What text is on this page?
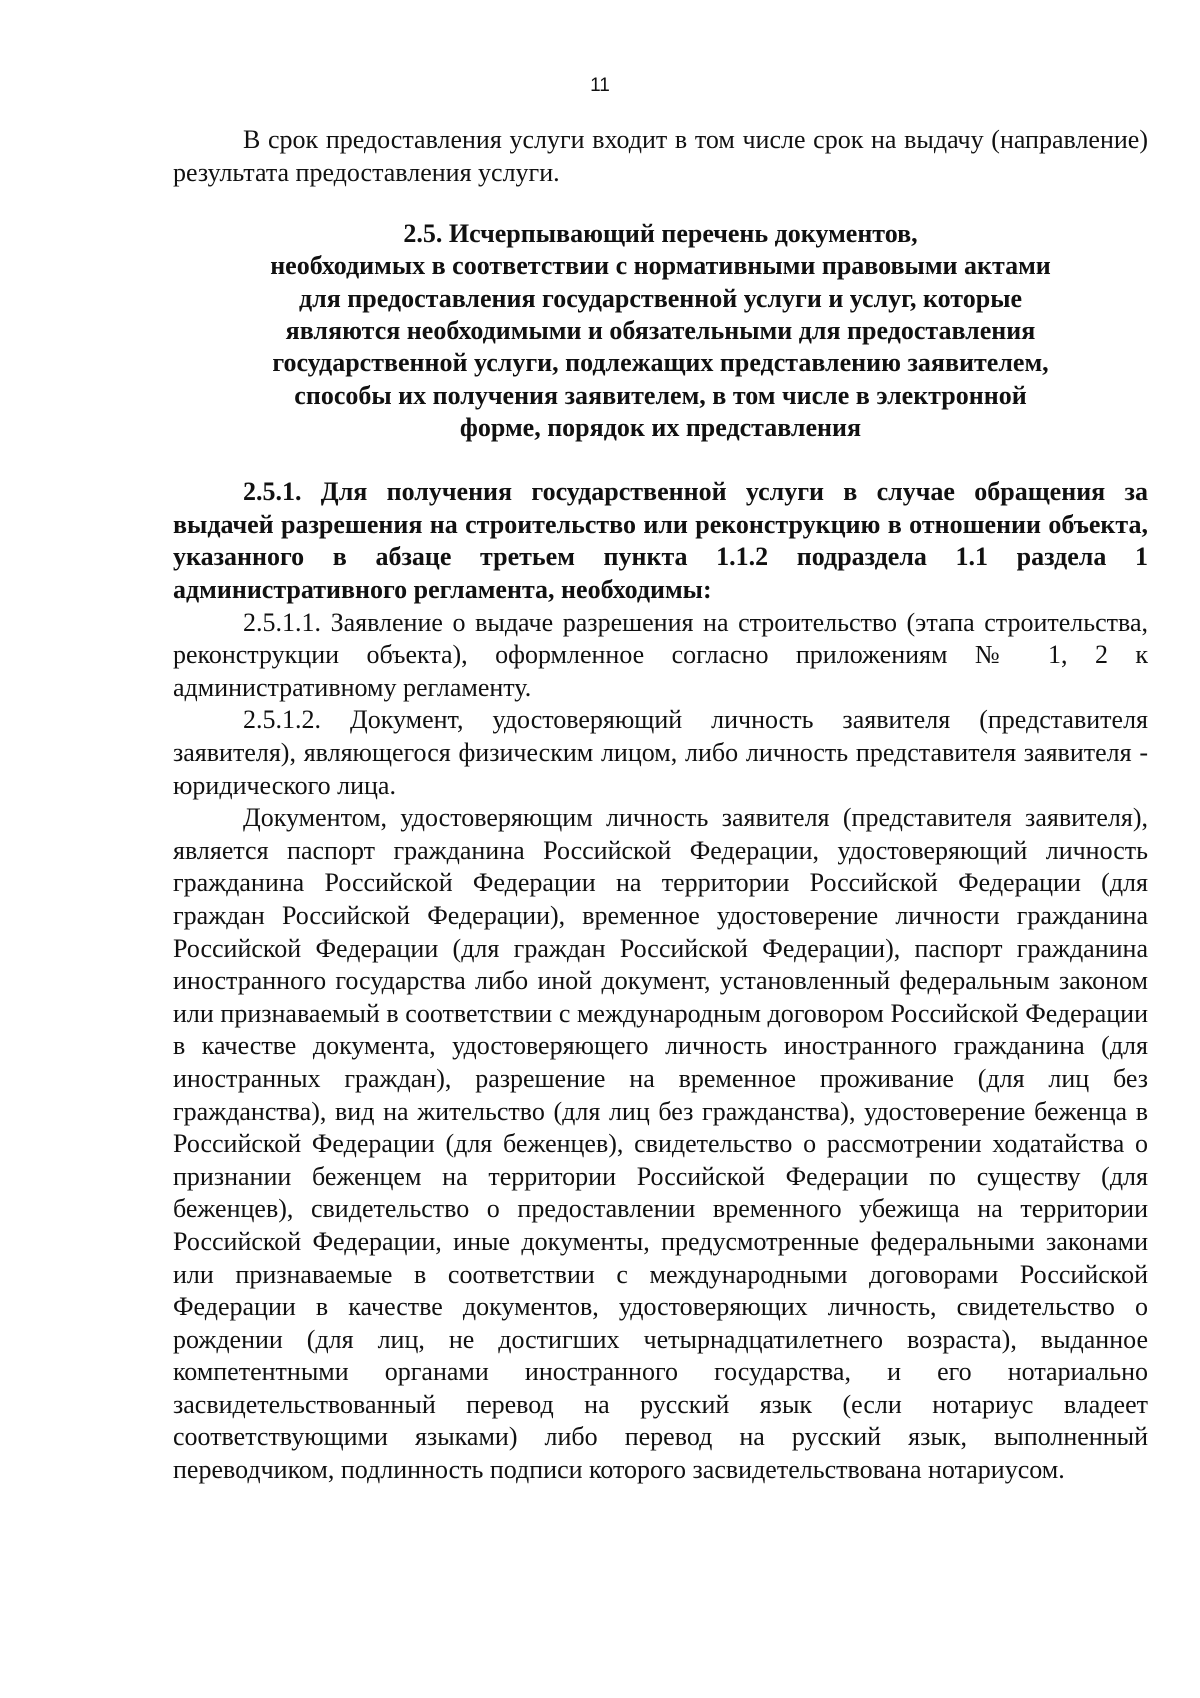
11

В срок предоставления услуги входит в том числе срок на выдачу (направление) результата предоставления услуги.

2.5. Исчерпывающий перечень документов,
необходимых в соответствии с нормативными правовыми актами
для предоставления государственной услуги и услуг, которые
являются необходимыми и обязательными для предоставления
государственной услуги, подлежащих представлению заявителем,
способы их получения заявителем, в том числе в электронной
форме, порядок их представления

2.5.1. Для получения государственной услуги в случае обращения за выдачей разрешения на строительство или реконструкцию в отношении объекта, указанного в абзаце третьем пункта 1.1.2 подраздела 1.1 раздела 1 административного регламента, необходимы:

2.5.1.1. Заявление о выдаче разрешения на строительство (этапа строительства, реконструкции объекта), оформленное согласно приложениям № 1, 2 к административному регламенту.

2.5.1.2. Документ, удостоверяющий личность заявителя (представителя заявителя), являющегося физическим лицом, либо личность представителя заявителя - юридического лица.

Документом, удостоверяющим личность заявителя (представителя заявителя), является паспорт гражданина Российской Федерации, удостоверяющий личность гражданина Российской Федерации на территории Российской Федерации (для граждан Российской Федерации), временное удостоверение личности гражданина Российской Федерации (для граждан Российской Федерации), паспорт гражданина иностранного государства либо иной документ, установленный федеральным законом или признаваемый в соответствии с международным договором Российской Федерации в качестве документа, удостоверяющего личность иностранного гражданина (для иностранных граждан), разрешение на временное проживание (для лиц без гражданства), вид на жительство (для лиц без гражданства), удостоверение беженца в Российской Федерации (для беженцев), свидетельство о рассмотрении ходатайства о признании беженцем на территории Российской Федерации по существу (для беженцев), свидетельство о предоставлении временного убежища на территории Российской Федерации, иные документы, предусмотренные федеральными законами или признаваемые в соответствии с международными договорами Российской Федерации в качестве документов, удостоверяющих личность, свидетельство о рождении (для лиц, не достигших четырнадцатилетнего возраста), выданное компетентными органами иностранного государства, и его нотариально засвидетельствованный перевод на русский язык (если нотариус владеет соответствующими языками) либо перевод на русский язык, выполненный переводчиком, подлинность подписи которого засвидетельствована нотариусом.
